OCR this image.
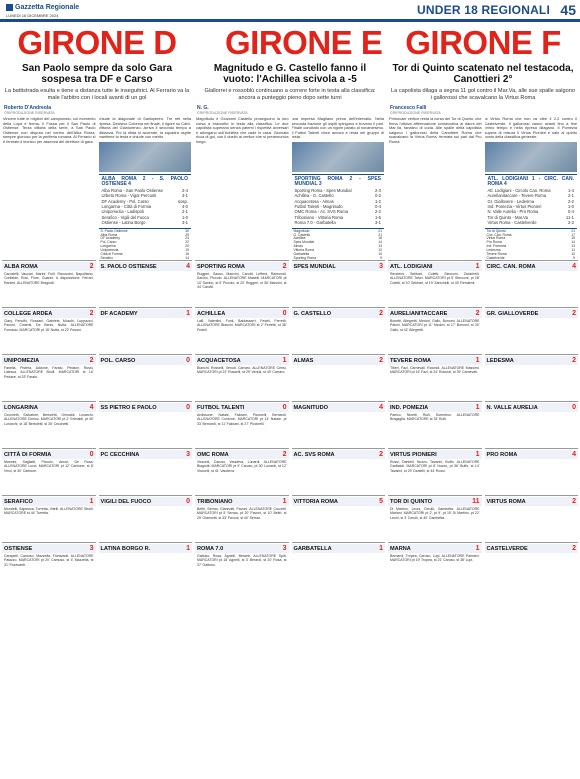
Gazzetta Regionale
LUNEDÌ 16 DICEMBRE 2024	UNDER 18 REGIONALI 45
GIRONE D
San Paolo sempre da solo Gara sospesa tra DF e Carso
La battistrada esulta e tiene a distanza tutte le inseguitrici. Al Ferrario va la male l'arbitro con i locali avanti di un gol
Roberto D'Andreola
©RIPRODUZIONE RISERVATA
Vincere tutte le migliori del campionato, col momento della Lupa è ferma. Il Fossa per il San Paolo di Ostiense. Terza vittoria della serie, a San Paolo Ostiense non disputa nel centro dell'Alba Roma, sempre glorioso per la periferia romana. Al Ferrario si è fermato il tecnico per assenza del direttore di gara.
chiude la diagonale di Santopietro. Tre reti nella ripresa. Decisivo Colonna nel finale, il rigore su Calvi. Vittoria del Gianlorenzo. Arriva il secondo tempo a distanza. Poi la sfida si accende, la squadra ospite mantiene la testa e chiude con merito.
ALBA ROMA 2 - S. PAOLO OSTIENSE 4
Alba Roma - San Paolo Ostiense	2-4
Urbeto Roma - Vigor Perconti	3-1
DF Academy - Pol. Carso	sosp.
Longarina - Città di Formia	4-0
Unipomezia - Ladispoli	2-1
Serafico - Vigili del Fuoco	1-0
Ostiense - Latina Borgo	3-1
S. Paolo Ostiense	30
Alba Roma	25
DF Academy	24
Pol. Carso	22
Longarina	20
Unipomezia	19
Città di Formia	16
Serafico	14

ALBA ROMA	2
Carosielli, Vaccari, Marini, Fulli, Ranuccini, Napolitano, Confalde, Rosi, Fiore, Guarini. A disposizione: Ferrari, Ranieri. ALLENATORE Bragiotti.
S. PAOLO OSTIENSE	4
COLLEGE ARDEA	2
Clary, Fenuffo, Rossani, Gabriele, Moschi, Luppazzo, Pavoni, Cimenti, De Benis, Nutta. ALLENATORE Fornasio. MARCATORI pt 15' Nutta, st 22' Pavoni.
DF ACADEMY	1
UNIPOMEZIA	2
Fanella, Pistera, Addone, Farato, Pedace, Rossi, Lalesca. ALLENATORE Brolli. MARCATORI st 16' Pedace, st 33' Farato.
POL. CARSO	0
LONGARINA	4
Cecchetti, Salvatore, Bertoletti, Grimaldi, Lunarchi. ALLENATORE Cimino. MARCATORI pt 2' Grimaldi, pt 40' Lunarchi, st 18' Bertoletti, st 35' Cecchetti.
SS PIETRO E PAOLO	0
CITTÀ DI FORMIA	0
Mannini, Sagliatti, Piccolo, Amori, De Rosa. ALLENATORE Lucci. MARCATORI pt 12' Carbone, st 8' Vinci, st 30' Carbone.
PC CECCHINA	3
SERAFICO	1
Mondelli, Sapienza, Torretta, Vitelli. ALLENATORE Sbolli. MARCATORE st 44' Torretta.
VIGILI DEL FUOCO	0
OSTIENSE	3
Carapelli, Camuso, Mazzella, Fioravanti. ALLENATORE Palazzo. MARCATORI pt 20' Camuso, st 4' Mazzella, st 31' Fioravanti.
LATINA BORGO R.	1
GIRONE E
Magnitudo e G. Castello fanno il vuoto: l'Achillea scivola a -5
Giallorrei e rossoblù continuano a correre forte in testa alla classifica: ancora a punteggio pieno dopo sette turni
N. G.
©RIPRODUZIONE RISERVATA
Magnitudo e Giovanni Castello proseguono la loro corsa a braccetto in testa alla classifica. Le due capolista superano senza patemi i rispettivi avversari e allungano sull'Achillea che cade in casa. Giornata ricca di gol, con il duello al vertice che si preannuncia lungo.
una impresa Magliano prima dell'intervallo. Nella seconda frazione gli ospiti spingono e trovano il pari. Finale concitato con un rigore parato al novantesimo. Il Futbol Talenti vince ancora e resta nel gruppo di testa.
SPORTING ROMA 2 - SPES MUNDIAL 3
Sporting Roma - Spes Mundial	2-3
Achillea - G. Castello	0-2
Acquacetosa - Almas	1-2
Futbol Talenti - Magnitudo	0-4
OMC Roma - Ac. SVS Roma	2-2
Triboniano - Vittoria Roma	1-5
Roma 7.0 - Garbatella	3-1
Magnitudo	21
G. Castello	21
Achillea	16
Spes Mundial	14
Almas	13
Vittoria Roma	12
Garbatella	10
Sporting Roma	9

SPORTING ROMA	2
Ruggeri, Sasso, Mancini, Carotti, Leffred, Raimondi, Savino, Piccolo. ALLENATORE Maselli. MARCATORI pt 10' Savino, st 5' Piccolo, st 20' Ruggeri, st 36' Mancini, st 44' Carotti.
SPES MUNDIAL	3
ACHILLEA	0
Lalli, Valentini, Fonti, Baldassarri, Fedeli, Ferretti. ALLENATORE Bianchi. MARCATORI st 2' Ferretti, st 38' Fedeli.
G. CASTELLO	2
ACQUACETOSA	1
Bianchi, Rosselli, Venuti, Carraro. ALLENATORE Cerisi. MARCATORI pt 22' Rosselli, st 29' Venuti, st 40' Carraro.
ALMAS	2
FUTBOL TALENTI	0
Ardissone, Natale, Falciani, Piccinelli, Bernardi. ALLENATORE Cordone. MARCATORI pt 14' Natale, pt 33' Bernardi, st 11' Falciani, st 27' Piccinelli.
MAGNITUDO	4
OMC ROMA	2
Visconti, Caruso, Vaudeva, Lunardi. ALLENATORE Biagiotti. MARCATORI pt 9' Caruso, pt 30' Lunardi, st 12' Visconti, st 41' Vaudeva.
AC. SVS ROMA	2
TRIBONIANO	1
Beltri, Serrao, Giannotti, Pavoni. ALLENATORE Crucetti. MARCATORI pt 5' Serrao, pt 20' Pavoni, st 10' Beltri, st 25' Giannotti, st 33' Pavoni, st 40' Serrao.
VITTORIA ROMA	5
ROMA 7.0	3
Gattuso, Rosa, Agnelli, Berardi. ALLENATORE Spiti. MARCATORI pt 18' Agnelli, st 3' Berardi, st 20' Rosa, st 37' Gattuso.
GARBATELLA	1
GIRONE F
Tor di Quinto scatenato nel testacoda, Canottieri 2°
La capolista dilaga a segna 11 gol contro il Mar.Va, alle sue spalle salgono i gallorossi che scavalcano la Virtus Roma
Francesco Falli
©RIPRODUZIONE RISERVATA
Primovaer vertice resta la corsa del Tor di Quinto, che firma l'ottava affermazione consecutiva ai danni del Mar.Va, fanalino di coda. Alle spalle della capolista salgono i gallorossi della Canottieri Roma che scavalcano la Virtus Roma, fermata sul pari dal Pro Roma.
la Virtus Roma che non va oltre il 2-2 contro il Castelverde. Il gallorossi vanno avanti fino a fine primo tempo e nella ripresa dilagano. Il Pomezia supera di misura il Virtus Pionieri e sale al quinto posto della classifica generale.
ATL. LODIGIANI 1 - CIRC. CAN. ROMA 4
Atl. Lodigiani - Circolo Can. Roma	1-4
Aurelianitaccare - Tevere Roma	2-1
Gr. Giallovere - Ledesma	2-2
Ind. Pomezia - Virtus Pionieri	1-0
N. Valle Aurelia - Pro Roma	0-4
Tor di Quinto - Mar.Va	11-1
Virtus Roma - Castelverde	2-2
Tor di Quinto	21
Circ. Can. Roma	17
Virtus Roma	15
Pro Roma	14
Ind. Pomezia	13
Ledesma	11
Tevere Roma	10
Castelverde	9

ATL. LODIGIANI	1
Rendemi, Sebbari, Coletti, Stecconi, Zanichelli. ALLENATORE Tafuri. MARCATORI pt 5' Stecconi, pt 28' Coletti, st 10' Sebbari, st 19' Zanichelli, st 40' Rendemi.
CIRC. CAN. ROMA	4
AURELIANITACCARE	2
Bonetti, Allegretti, Medori, Gallo, Bonomi. ALLENATORE Paloni. MARCATORI pt 11' Medori, st 17' Bonomi, st 30' Gallo, st 42' Allegretti.
GR. GIALLOVERDE	2
TEVERE ROMA	1
Tiberi, Fazi, Carnevali, Rotondi. ALLENATORE Massimi. MARCATORI pt 16' Fazi, st 24' Rotondi, st 39' Carnevali.
LEDESMA	2
IND. POMEZIA	1
Panico, Ninetti, Rulli, Sorentino. ALLENATORE Bragaglia. MARCATORE st 33' Rulli.
N. VALLE AURELIA	0
VIRTUS PIONIERI	1
Rossi, Danielli, Nuzzo, Tavarini, Buffo. ALLENATORE Garibaldi. MARCATORI pt 8' Nuzzo, pt 36' Buffo, st 14' Tavarini, st 29' Danielli, st 44' Rossi.
PRO ROMA	4
TOR DI QUINTO	11
Di Martino, Leoni, Cerulli, Gambetta. ALLENATORE Mariani. MARCATORI pt 2', pt 9', pt 15' Di Martino, pt 22' Leoni, st 3' Cerulli, st 40' Gambetta.
VIRTUS ROMA	2
MARNA	1
Bernardi, Tropea, Caruso, Lupi. ALLENATORE Palmieri. MARCATORI pt 19' Tropea, st 21' Caruso, st 38' Lupi.
CASTELVERDE	2
